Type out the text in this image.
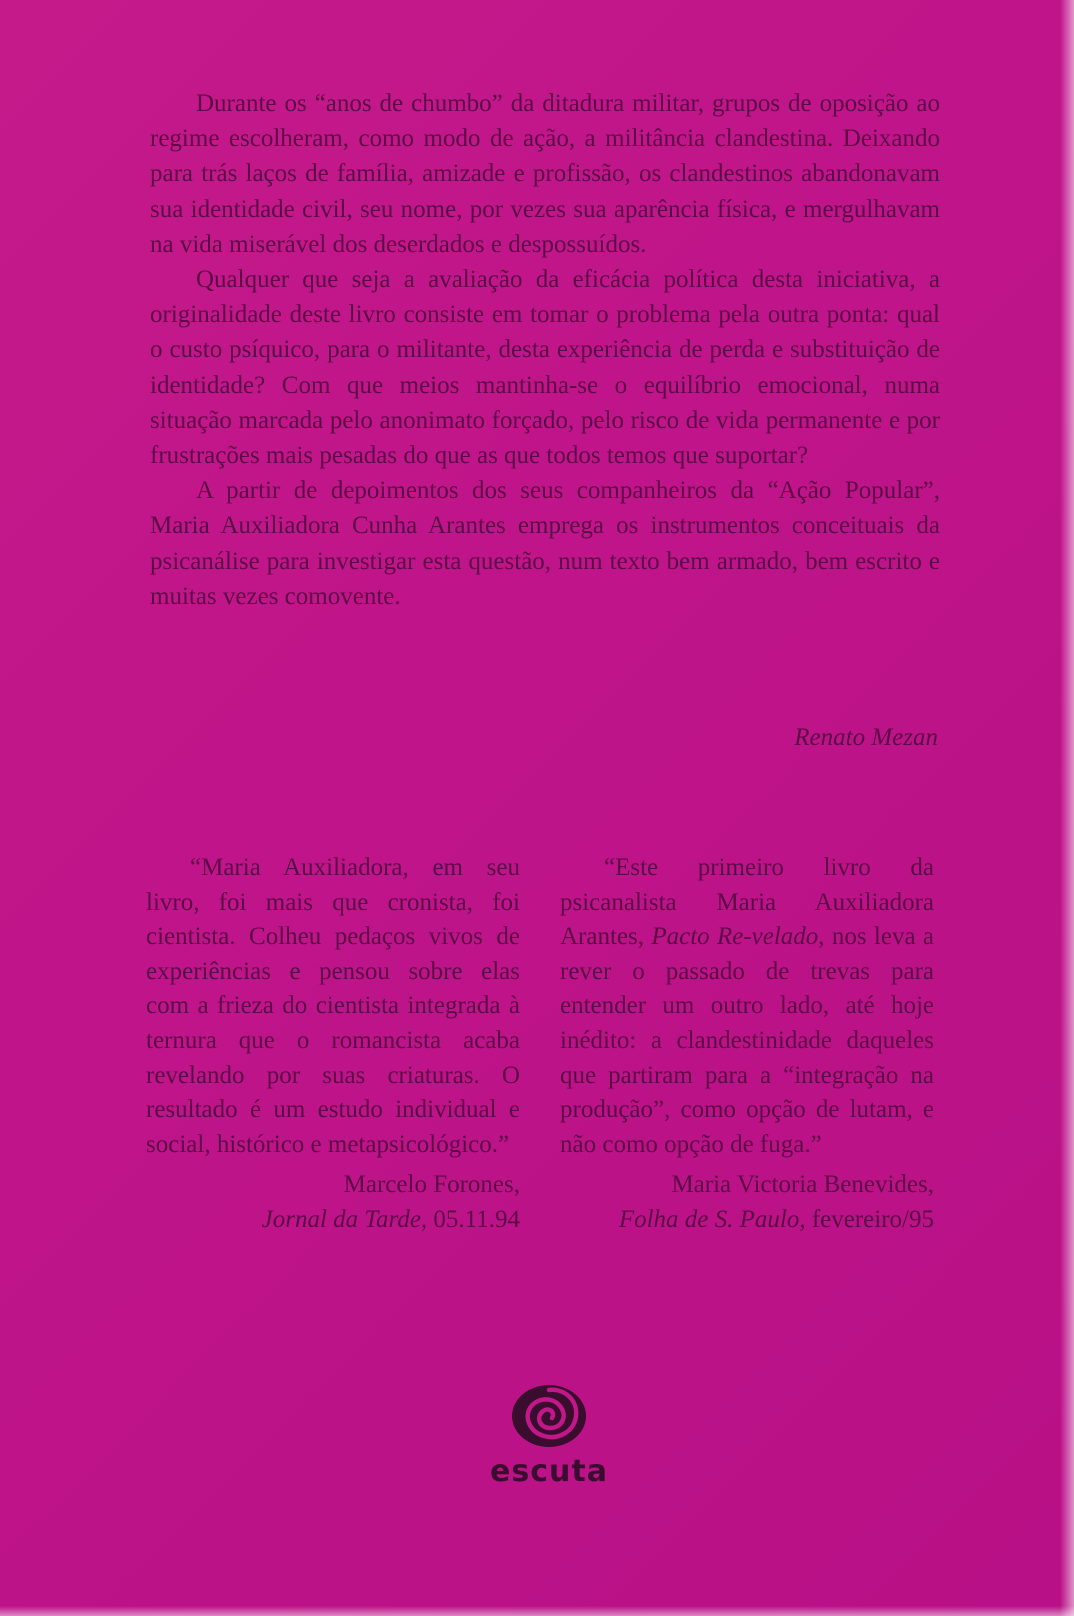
Durante os “anos de chumbo” da ditadura militar, grupos de oposição ao regime escolheram, como modo de ação, a militância clandestina. Deixando para trás laços de família, amizade e profissão, os clandestinos abandonavam sua identidade civil, seu nome, por vezes sua aparência física, e mergulhavam na vida miserável dos deserdados e despossuídos.

Qualquer que seja a avaliação da eficácia política desta iniciativa, a originalidade deste livro consiste em tomar o problema pela outra ponta: qual o custo psíquico, para o militante, desta experiência de perda e substituição de identidade? Com que meios mantinha-se o equilíbrio emocional, numa situação marcada pelo anonimato forçado, pelo risco de vida permanente e por frustrações mais pesadas do que as que todos temos que suportar?

A partir de depoimentos dos seus companheiros da “Ação Popular”, Maria Auxiliadora Cunha Arantes emprega os instrumentos conceituais da psicanálise para investigar esta questão, num texto bem armado, bem escrito e muitas vezes comovente.

Renato Mezan

“Maria Auxiliadora, em seu livro, foi mais que cronista, foi cientista. Colheu pedaços vivos de experiências e pensou sobre elas com a frieza do cientista integrada à ternura que o romancista acaba revelando por suas criaturas. O resultado é um estudo individual e social, histórico e metapsicológico.”

Marcelo Forones,
Jornal da Tarde, 05.11.94

“Este primeiro livro da psicanalista Maria Auxiliadora Arantes, Pacto Re-velado, nos leva a rever o passado de trevas para entender um outro lado, até hoje inédito: a clandestinidade daqueles que partiram para a “integração na produção”, como opção de lutam, e não como opção de fuga.”

Maria Victoria Benevides,
Folha de S. Paulo, fevereiro/95
escuta
